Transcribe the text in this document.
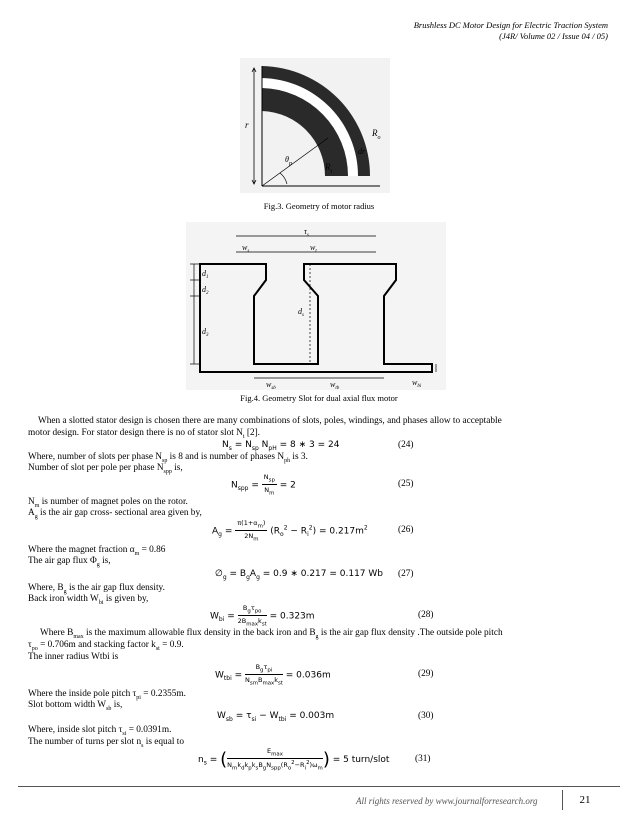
Brushless DC Motor Design for Electric Traction System
(J4R/ Volume 02 / Issue 04 / 05)
r
$\theta_p$
$R_o$
dr
$R_i$
Fig.3. Geometry of motor radius
$\tau_s$
$w_s$	$w_t$
$d_1$
$d_2$
$d_3$
$d_s$
$w_{sb}$	$w_{tb}$
$w_{bi}$
Fig.4. Geometry Slot for dual axial flux motor
When a slotted stator design is chosen there are many combinations of slots, poles, windings, and phases allow to acceptable
motor design. For stator design there is no of stator slot $N_t$ [2].
$N_s = N_{sp}$ $N_{pH} = 8$ ∗ 3 = 24	(24)
Where, number of slots per phase $N_{sp}$ is 8 and is number of phases $N_{ph}$ is 3.
Number of slot per pole per phase $N_{spp}$ is,
$N_{spp} = \frac{N_{sp}}{N_m} = 2$	(25)
$N_m$ is number of magnet poles on the rotor.
$A_g$ is the air gap cross- sectional area given by,
$A_g = \frac{\pi(1+\alpha_m)}{2N_m} (R_o^2 - R_i^2) = 0.217m^2$	(26)
Where the magnet fraction $\alpha_m = 0.86$
The air gap flux $\Phi_g$ is,
$\emptyset_g = B_gA_g = 0.9$ ∗ 0.217 = 0.117 Wb (27)
Where, $B_g$ is the air gap flux density.
Back iron width $W_{bi}$ is given by,
$W_{bi} = \frac{B_g\tau_{po}}{2B_{max}k_{st}} = 0.323m$	(28)
Where $B_{max}$ is the maximum allowable flux density in the back iron and $B_g$ is the air gap flux density .The outside pole pitch
$\tau_{po} = 0.706m$ and stacking factor $k_{st} = 0.9$.
The inner radius Wtbi is
$W_{tbi} = \frac{B_g\tau_{pi}}{N_{sm}B_{max}k_{st}} = 0.036m$	(29)
Where the inside pole pitch $\tau_{pi} = 0.2355m$.
Slot bottom width $W_{sb}$ is,
$W_{sb} = \tau_{si} - W_{tbi} = 0.003m$	(30)
Where, inside slot pitch $\tau_{si} = 0.0391m$.
The number of turns per slot $n_s$ is equal to
$n_s$ = ( $\frac{E_{max}}{N_mk_dk_pk_sB_gN_{spp}(R_o^2-R_i^2)\omega_m}$ ) = 5 turn/slot	(31)
All rights reserved by www.journalforresearch.org	21
